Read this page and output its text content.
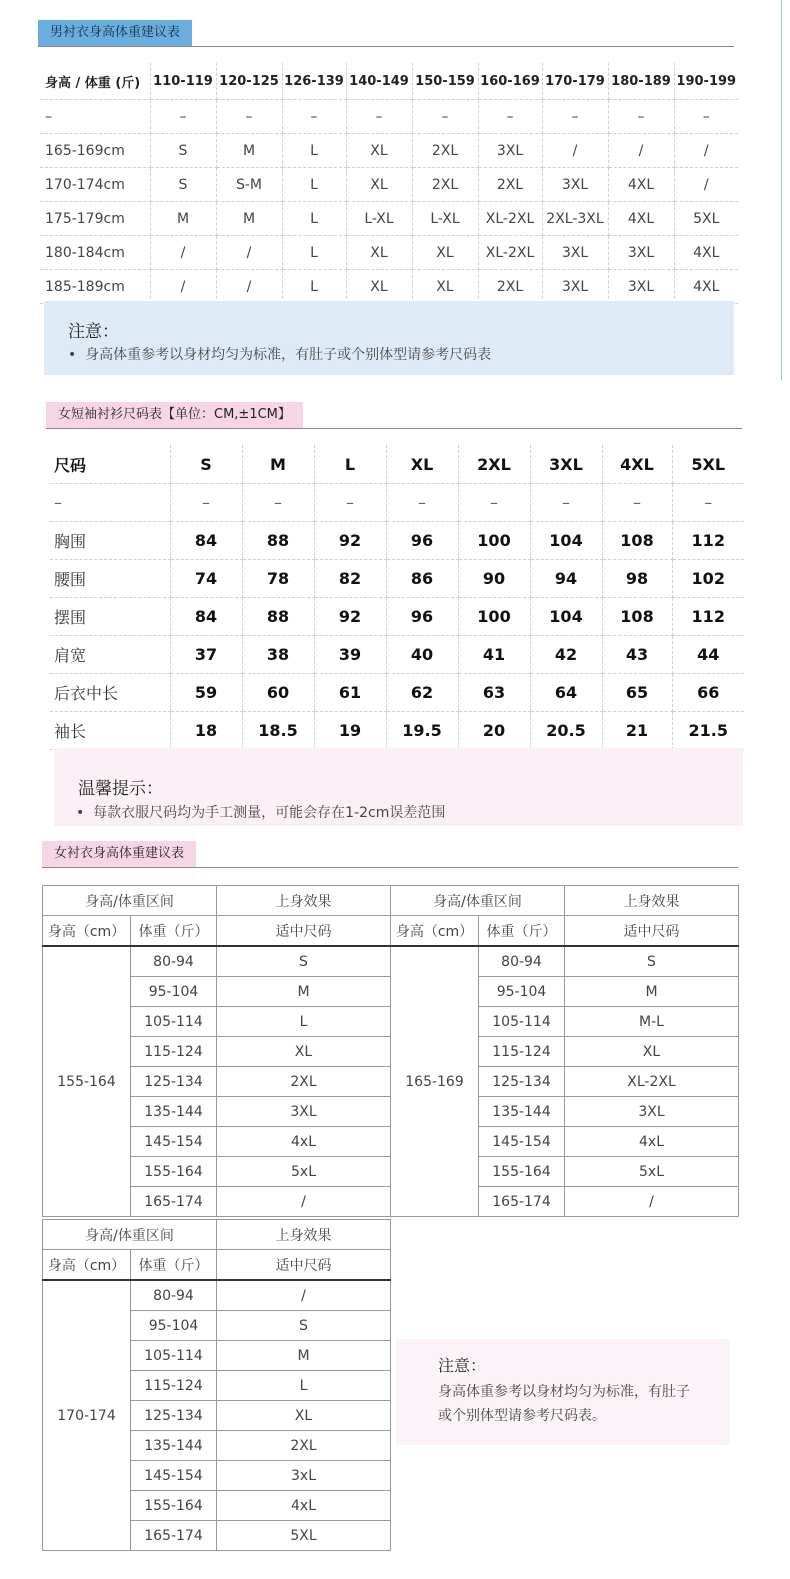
男衬衣身高体重建议表
身高 / 体重 (斤)	110-119	120-125	126-139	140-149	150-159	160-169	170-179	180-189	190-199
–	–	–	–	–	–	–	–	–	–
165-169cm	S	M	L	XL	2XL	3XL	/	/	/
170-174cm	S	S-M	L	XL	2XL	2XL	3XL	4XL	/
175-179cm	M	M	L	L-XL	L-XL	XL-2XL	2XL-3XL	4XL	5XL
180-184cm	/	/	L	XL	XL	XL-2XL	3XL	3XL	4XL
185-189cm	/	/	L	XL	XL	2XL	3XL	3XL	4XL
注意：
•  身高体重参考以身材均匀为标准，有肚子或个别体型请参考尺码表
女短袖衬衫尺码表【单位：CM,±1CM】
尺码	S	M	L	XL	2XL	3XL	4XL	5XL
–	–	–	–	–	–	–	–	–
胸围	84	88	92	96	100	104	108	112
腰围	74	78	82	86	90	94	98	102
摆围	84	88	92	96	100	104	108	112
肩宽	37	38	39	40	41	42	43	44
后衣中长	59	60	61	62	63	64	65	66
袖长	18	18.5	19	19.5	20	20.5	21	21.5
温馨提示：
•  每款衣服尺码均为手工测量，可能会存在1-2cm误差范围
女衬衣身高体重建议表
身高/体重区间		上身效果
身高（cm）	体重（斤）	适中尺码
155-164	80-94	S
	95-104	M
	105-114	L
	115-124	XL
	125-134	2XL
	135-144	3XL
	145-154	4xL
	155-164	5xL
	165-174	/
身高/体重区间		上身效果
身高（cm）	体重（斤）	适中尺码
165-169	80-94	S
	95-104	M
	105-114	M-L
	115-124	XL
	125-134	XL-2XL
	135-144	3XL
	145-154	4xL
	155-164	5xL
	165-174	/
身高/体重区间		上身效果
身高（cm）	体重（斤）	适中尺码
170-174	80-94	/
	95-104	S
	105-114	M
	115-124	L
	125-134	XL
	135-144	2XL
	145-154	3xL
	155-164	4xL
	165-174	5XL
注意：
身高体重参考以身材均匀为标准，有肚子
或个别体型请参考尺码表。
